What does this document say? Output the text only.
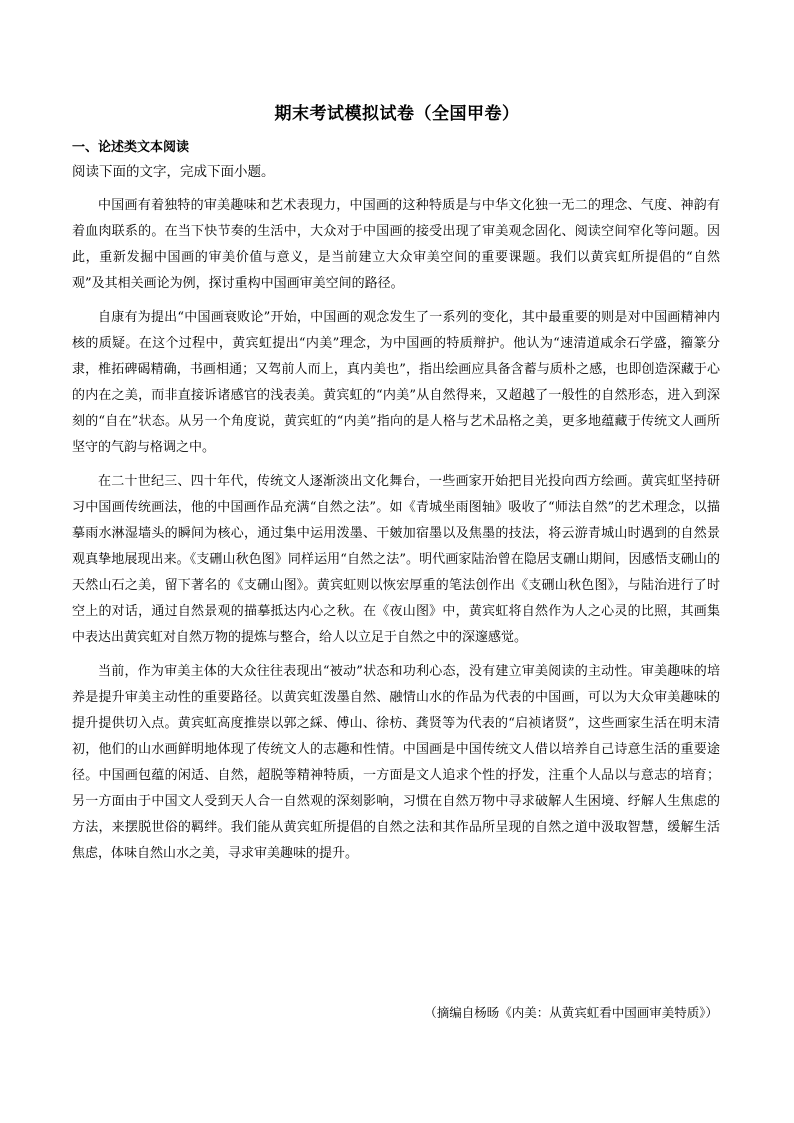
期末考试模拟试卷（全国甲卷）
一、论述类文本阅读
阅读下面的文字，完成下面小题。

中国画有着独特的审美趣味和艺术表现力，中国画的这种特质是与中华文化独一无二的理念、气度、神韵有着血肉联系的。在当下快节奏的生活中，大众对于中国画的接受出现了审美观念固化、阅读空间窄化等问题。因此，重新发掘中国画的审美价值与意义，是当前建立大众审美空间的重要课题。我们以黄宾虹所提倡的“自然观”及其相关画论为例，探讨重构中国画审美空间的路径。

自康有为提出“中国画衰败论”开始，中国画的观念发生了一系列的变化，其中最重要的则是对中国画精神内核的质疑。在这个过程中，黄宾虹提出“内美”理念，为中国画的特质辩护。他认为“速清道咸余石学盛，籀篆分隶，椎拓碑碣精确，书画相通；又驾前人而上，真内美也”，指出绘画应具备含蓄与质朴之感，也即创造深藏于心的内在之美，而非直接诉诸感官的浅表美。黄宾虹的“内美”从自然得来，又超越了一般性的自然形态，进入到深刻的“自在”状态。从另一个角度说，黄宾虹的“内美”指向的是人格与艺术品格之美，更多地蕴藏于传统文人画所坚守的气韵与格调之中。

在二十世纪三、四十年代，传统文人逐渐淡出文化舞台，一些画家开始把目光投向西方绘画。黄宾虹坚持研习中国画传统画法，他的中国画作品充满“自然之法”。如《青城坐雨图轴》吸收了“师法自然”的艺术理念，以描摹雨水淋湿墙头的瞬间为核心，通过集中运用泼墨、干皴加宿墨以及焦墨的技法，将云游青城山时遇到的自然景观真挚地展现出来。《支硎山秋色图》同样运用“自然之法”。明代画家陆治曾在隐居支硎山期间，因感悟支硎山的天然山石之美，留下著名的《支硎山图》。黄宾虹则以恢宏厚重的笔法创作出《支硎山秋色图》，与陆治进行了时空上的对话，通过自然景观的描摹抵达内心之秋。在《夜山图》中，黄宾虹将自然作为人之心灵的比照，其画集中表达出黄宾虹对自然万物的提炼与整合，给人以立足于自然之中的深邃感觉。

当前，作为审美主体的大众往往表现出“被动”状态和功利心态，没有建立审美阅读的主动性。审美趣味的培养是提升审美主动性的重要路径。以黄宾虹泼墨自然、融情山水的作品为代表的中国画，可以为大众审美趣味的提升提供切入点。黄宾虹高度推崇以郭之綵、傅山、徐枋、龚贤等为代表的“启祯诸贤”，这些画家生活在明末清初，他们的山水画鲜明地体现了传统文人的志趣和性情。中国画是中国传统文人借以培养自己诗意生活的重要途径。中国画包蕴的闲适、自然，超脱等精神特质，一方面是文人追求个性的抒发，注重个人品以与意志的培育；另一方面由于中国文人受到天人合一自然观的深刻影响，习惯在自然万物中寻求破解人生困境、纾解人生焦虑的方法，来摆脱世俗的羁绊。我们能从黄宾虹所提倡的自然之法和其作品所呈现的自然之道中汲取智慧，缓解生活焦虑，体味自然山水之美，寻求审美趣味的提升。

（摘编自杨旸《内美：从黄宾虹看中国画审美特质》）
